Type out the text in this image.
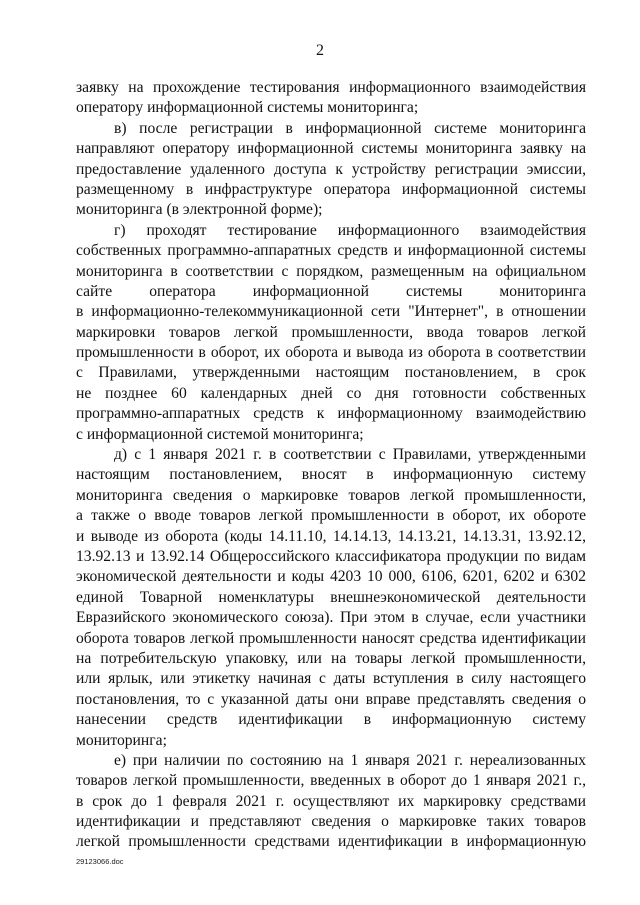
2
заявку на прохождение тестирования информационного взаимодействия
оператору информационной системы мониторинга;
в) после регистрации в информационной системе мониторинга
направляют оператору информационной системы мониторинга заявку на
предоставление удаленного доступа к устройству регистрации эмиссии,
размещенному в инфраструктуре оператора информационной системы
мониторинга (в электронной форме);
г) проходят тестирование информационного взаимодействия
собственных программно-аппаратных средств и информационной системы
мониторинга в соответствии с порядком, размещенным на официальном
сайте оператора информационной системы мониторинга
в информационно-телекоммуникационной сети "Интернет", в отношении
маркировки товаров легкой промышленности, ввода товаров легкой
промышленности в оборот, их оборота и вывода из оборота в соответствии
с Правилами, утвержденными настоящим постановлением, в срок
не позднее 60 календарных дней со дня готовности собственных
программно-аппаратных средств к информационному взаимодействию
с информационной системой мониторинга;
д) с 1 января 2021 г. в соответствии с Правилами, утвержденными
настоящим постановлением, вносят в информационную систему
мониторинга сведения о маркировке товаров легкой промышленности,
а также о вводе товаров легкой промышленности в оборот, их обороте
и выводе из оборота (коды 14.11.10, 14.14.13, 14.13.21, 14.13.31, 13.92.12,
13.92.13 и 13.92.14 Общероссийского классификатора продукции по видам
экономической деятельности и коды 4203 10 000, 6106, 6201, 6202 и 6302
единой Товарной номенклатуры внешнеэкономической деятельности
Евразийского экономического союза). При этом в случае, если участники
оборота товаров легкой промышленности наносят средства идентификации
на потребительскую упаковку, или на товары легкой промышленности,
или ярлык, или этикетку начиная с даты вступления в силу настоящего
постановления, то с указанной даты они вправе представлять сведения о
нанесении средств идентификации в информационную систему
мониторинга;
е) при наличии по состоянию на 1 января 2021 г. нереализованных
товаров легкой промышленности, введенных в оборот до 1 января 2021 г.,
в срок до 1 февраля 2021 г. осуществляют их маркировку средствами
идентификации и представляют сведения о маркировке таких товаров
легкой промышленности средствами идентификации в информационную
29123066.doc
